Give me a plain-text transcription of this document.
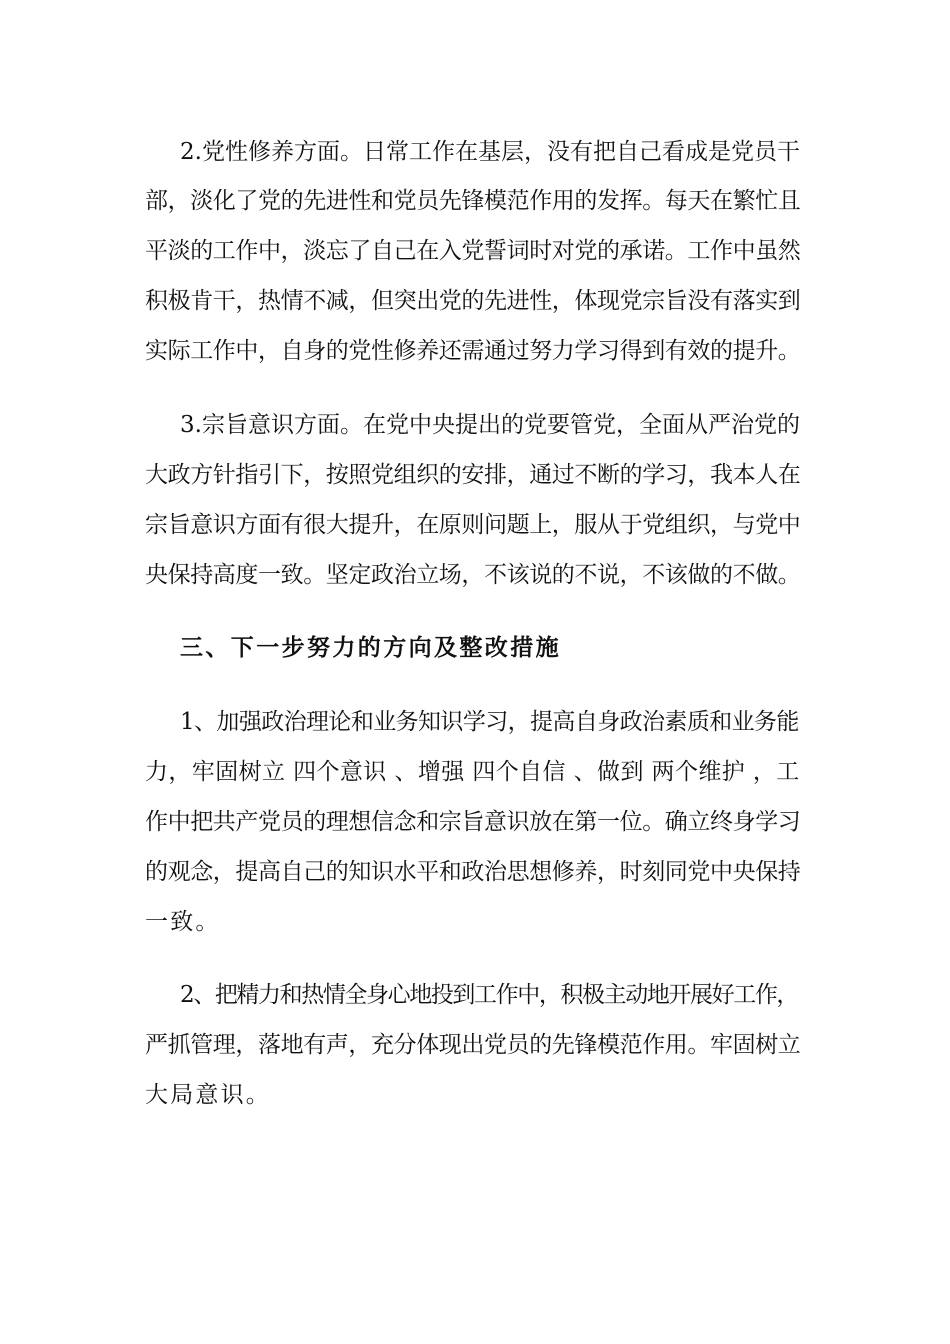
2.党性修养方面。日常工作在基层，没有把自己看成是党员干
部，淡化了党的先进性和党员先锋模范作用的发挥。每天在繁忙且
平淡的工作中，淡忘了自己在入党誓词时对党的承诺。工作中虽然
积极肯干，热情不减，但突出党的先进性，体现党宗旨没有落实到
实际工作中，自身的党性修养还需通过努力学习得到有效的提升。
3.宗旨意识方面。在党中央提出的党要管党，全面从严治党的
大政方针指引下，按照党组织的安排，通过不断的学习，我本人在
宗旨意识方面有很大提升，在原则问题上，服从于党组织，与党中
央保持高度一致。坚定政治立场，不该说的不说，不该做的不做。
三、下一步努力的方向及整改措施
1、加强政治理论和业务知识学习，提高自身政治素质和业务能
力，牢固树立 四个意识 、增强 四个自信 、做到 两个维护 ，工
作中把共产党员的理想信念和宗旨意识放在第一位。确立终身学习
的观念，提高自己的知识水平和政治思想修养，时刻同党中央保持
一致。
2、把精力和热情全身心地投到工作中，积极主动地开展好工作，
严抓管理，落地有声，充分体现出党员的先锋模范作用。牢固树立
大局意识。
